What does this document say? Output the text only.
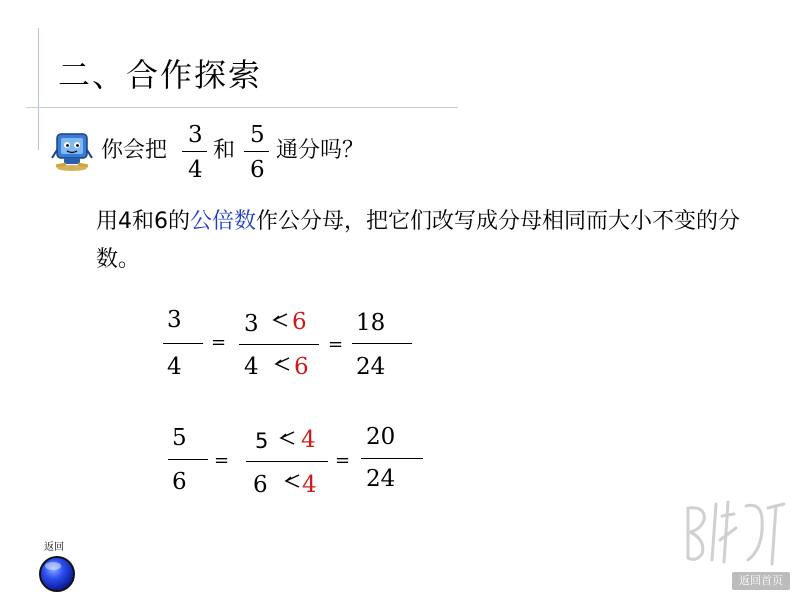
二、合作探索
你会把
3
4
和
5
6
通分吗？
用4和6的公倍数作公分母，把它们改写成分母相同而大小不变的分数。
3
4
=
3 6
4 6
=
18
24
5
6
=
5 4
6 4
=
20
24
返回
返回首页
